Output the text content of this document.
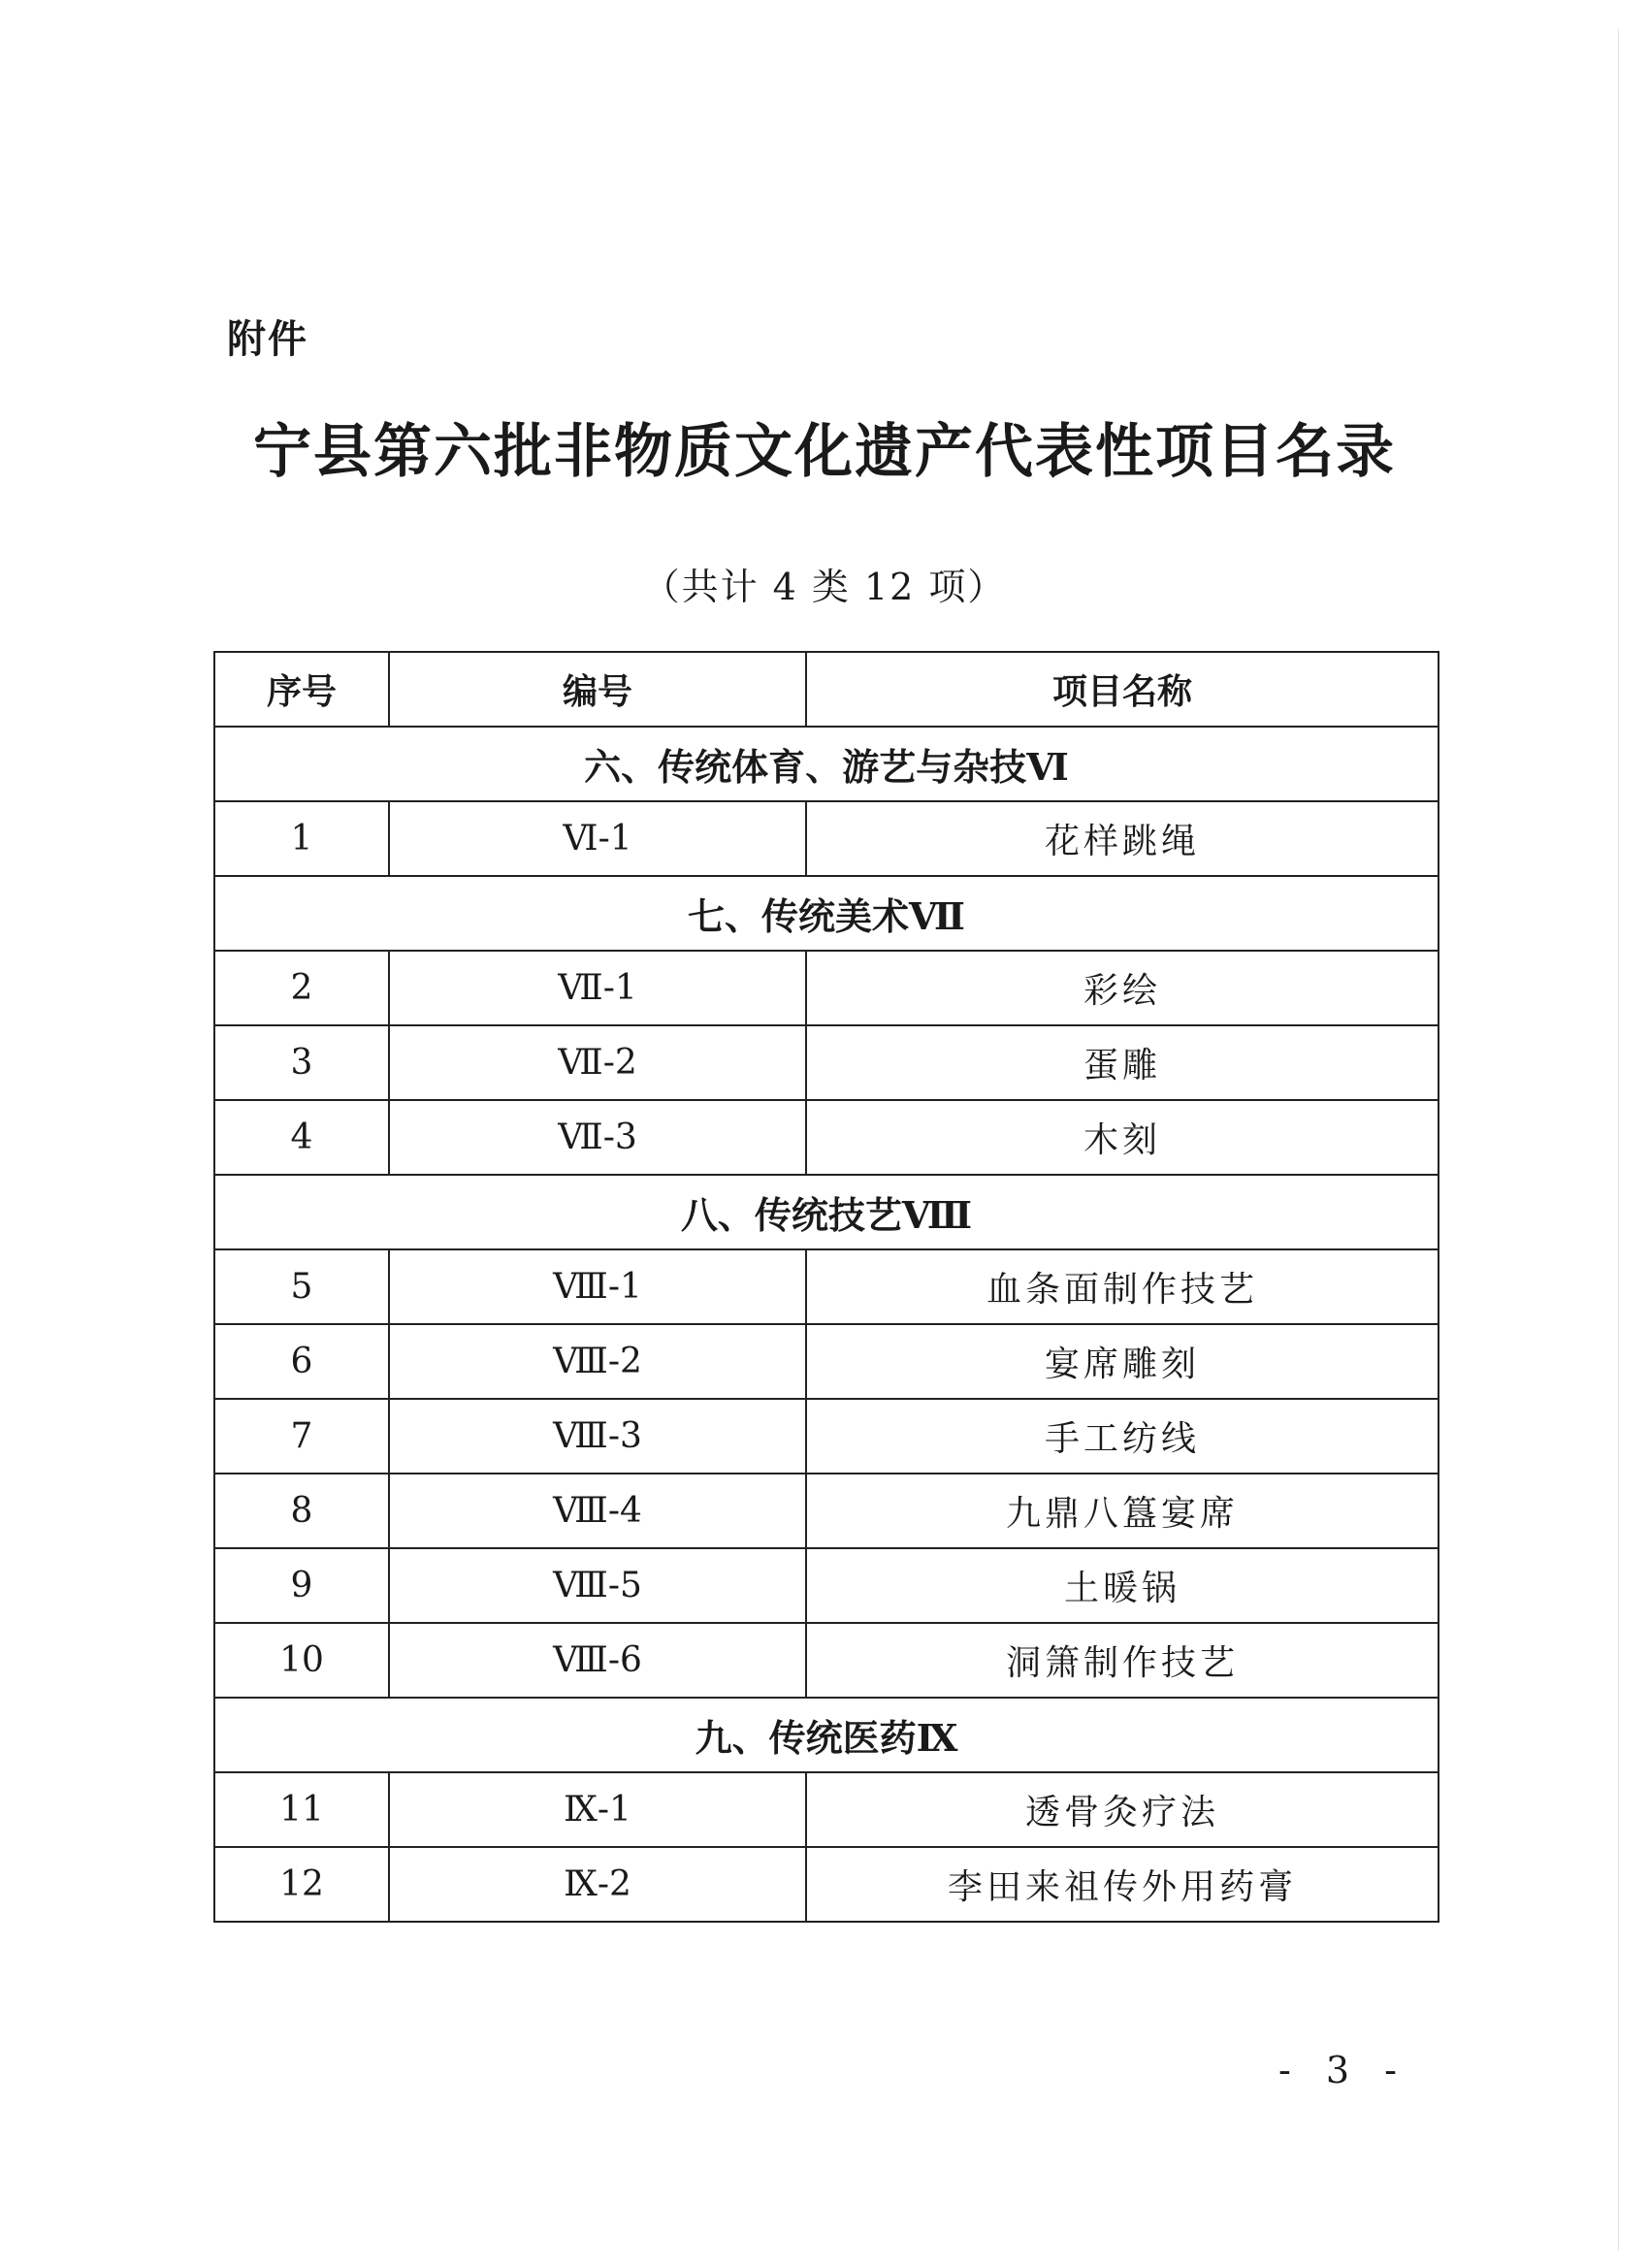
附件
宁县第六批非物质文化遗产代表性项目名录
（共计 4 类 12 项）
序号	编号	项目名称
六、传统体育、游艺与杂技Ⅵ		
1	Ⅵ-1	花样跳绳
七、传统美术Ⅶ		
2	Ⅶ-1	彩绘
3	Ⅶ-2	蛋雕
4	Ⅶ-3	木刻
八、传统技艺Ⅷ		
5	Ⅷ-1	血条面制作技艺
6	Ⅷ-2	宴席雕刻
7	Ⅷ-3	手工纺线
8	Ⅷ-4	九鼎八簋宴席
9	Ⅷ-5	土暖锅
10	Ⅷ-6	洞箫制作技艺
九、传统医药Ⅸ		
11	Ⅸ-1	透骨灸疗法
12	Ⅸ-2	李田来祖传外用药膏
- 3 -
